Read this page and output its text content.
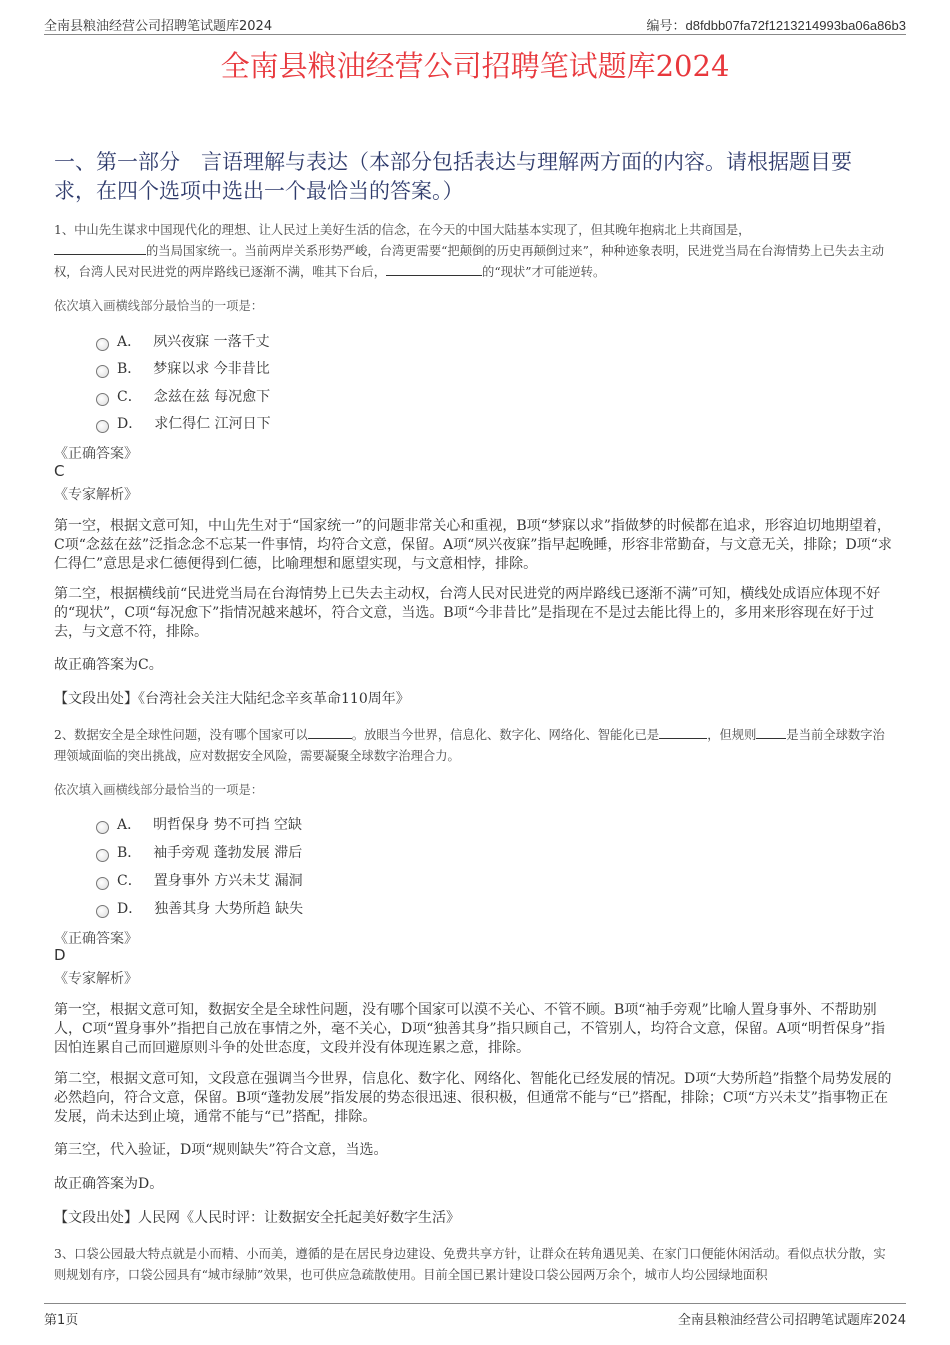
全南县粮油经营公司招聘笔试题库2024	编号：d8fdbb07fa72f1213214993ba06a86b3
全南县粮油经营公司招聘笔试题库2024
一、第一部分　言语理解与表达（本部分包括表达与理解两方面的内容。请根据题目要求，在四个选项中选出一个最恰当的答案。）
1、中山先生谋求中国现代化的理想、让人民过上美好生活的信念，在今天的中国大陆基本实现了，但其晚年抱病北上共商国是，
的当局国家统一。当前两岸关系形势严峻，台湾更需要“把颠倒的历史再颠倒过来”，种种迹象表明，民进党当局在台海情势上已失去主动权，台湾人民对民进党的两岸路线已逐渐不满，唯其下台后，	的“现状”才可能逆转。
依次填入画横线部分最恰当的一项是：
A． 夙兴夜寐 一落千丈
B． 梦寐以求 今非昔比
C． 念兹在兹 每况愈下
D． 求仁得仁 江河日下
《正确答案》
C
《专家解析》
第一空，根据文意可知，中山先生对于“国家统一”的问题非常关心和重视，B项“梦寐以求”指做梦的时候都在追求，形容迫切地期望着，C项“念兹在兹”泛指念念不忘某一件事情，均符合文意，保留。A项“夙兴夜寐”指早起晚睡，形容非常勤奋，与文意无关，排除；D项“求仁得仁”意思是求仁德便得到仁德，比喻理想和愿望实现，与文意相悖，排除。
第二空，根据横线前“民进党当局在台海情势上已失去主动权，台湾人民对民进党的两岸路线已逐渐不满”可知，横线处成语应体现不好的“现状”，C项“每况愈下”指情况越来越坏，符合文意，当选。B项“今非昔比”是指现在不是过去能比得上的，多用来形容现在好于过去，与文意不符，排除。
故正确答案为C。
【文段出处】《台湾社会关注大陆纪念辛亥革命110周年》
2、数据安全是全球性问题，没有哪个国家可以	。放眼当今世界，信息化、数字化、网络化、智能化已是	，但规则 是当前全球数字治理领域面临的突出挑战，应对数据安全风险，需要凝聚全球数字治理合力。
依次填入画横线部分最恰当的一项是：
A． 明哲保身 势不可挡 空缺
B． 袖手旁观 蓬勃发展 滞后
C． 置身事外 方兴未艾 漏洞
D． 独善其身 大势所趋 缺失
《正确答案》
D
《专家解析》
第一空，根据文意可知，数据安全是全球性问题，没有哪个国家可以漠不关心、不管不顾。B项“袖手旁观”比喻人置身事外、不帮助别人，C项“置身事外”指把自己放在事情之外，毫不关心，D项“独善其身”指只顾自己，不管别人，均符合文意，保留。A项“明哲保身”指因怕连累自己而回避原则斗争的处世态度，文段并没有体现连累之意，排除。
第二空，根据文意可知，文段意在强调当今世界，信息化、数字化、网络化、智能化已经发展的情况。D项“大势所趋”指整个局势发展的必然趋向，符合文意，保留。B项“蓬勃发展”指发展的势态很迅速、很积极，但通常不能与“已”搭配，排除；C项“方兴未艾”指事物正在发展，尚未达到止境，通常不能与“已”搭配，排除。
第三空，代入验证，D项“规则缺失”符合文意，当选。
故正确答案为D。
【文段出处】人民网《人民时评：让数据安全托起美好数字生活》
3、口袋公园最大特点就是小而精、小而美，遵循的是在居民身边建设、免费共享方针，让群众在转角遇见美、在家门口便能休闲活动。看似点状分散，实则规划有序，口袋公园具有“城市绿肺”效果，也可供应急疏散使用。目前全国已累计建设口袋公园两万余个，城市人均公园绿地面积
第1页	全南县粮油经营公司招聘笔试题库2024
